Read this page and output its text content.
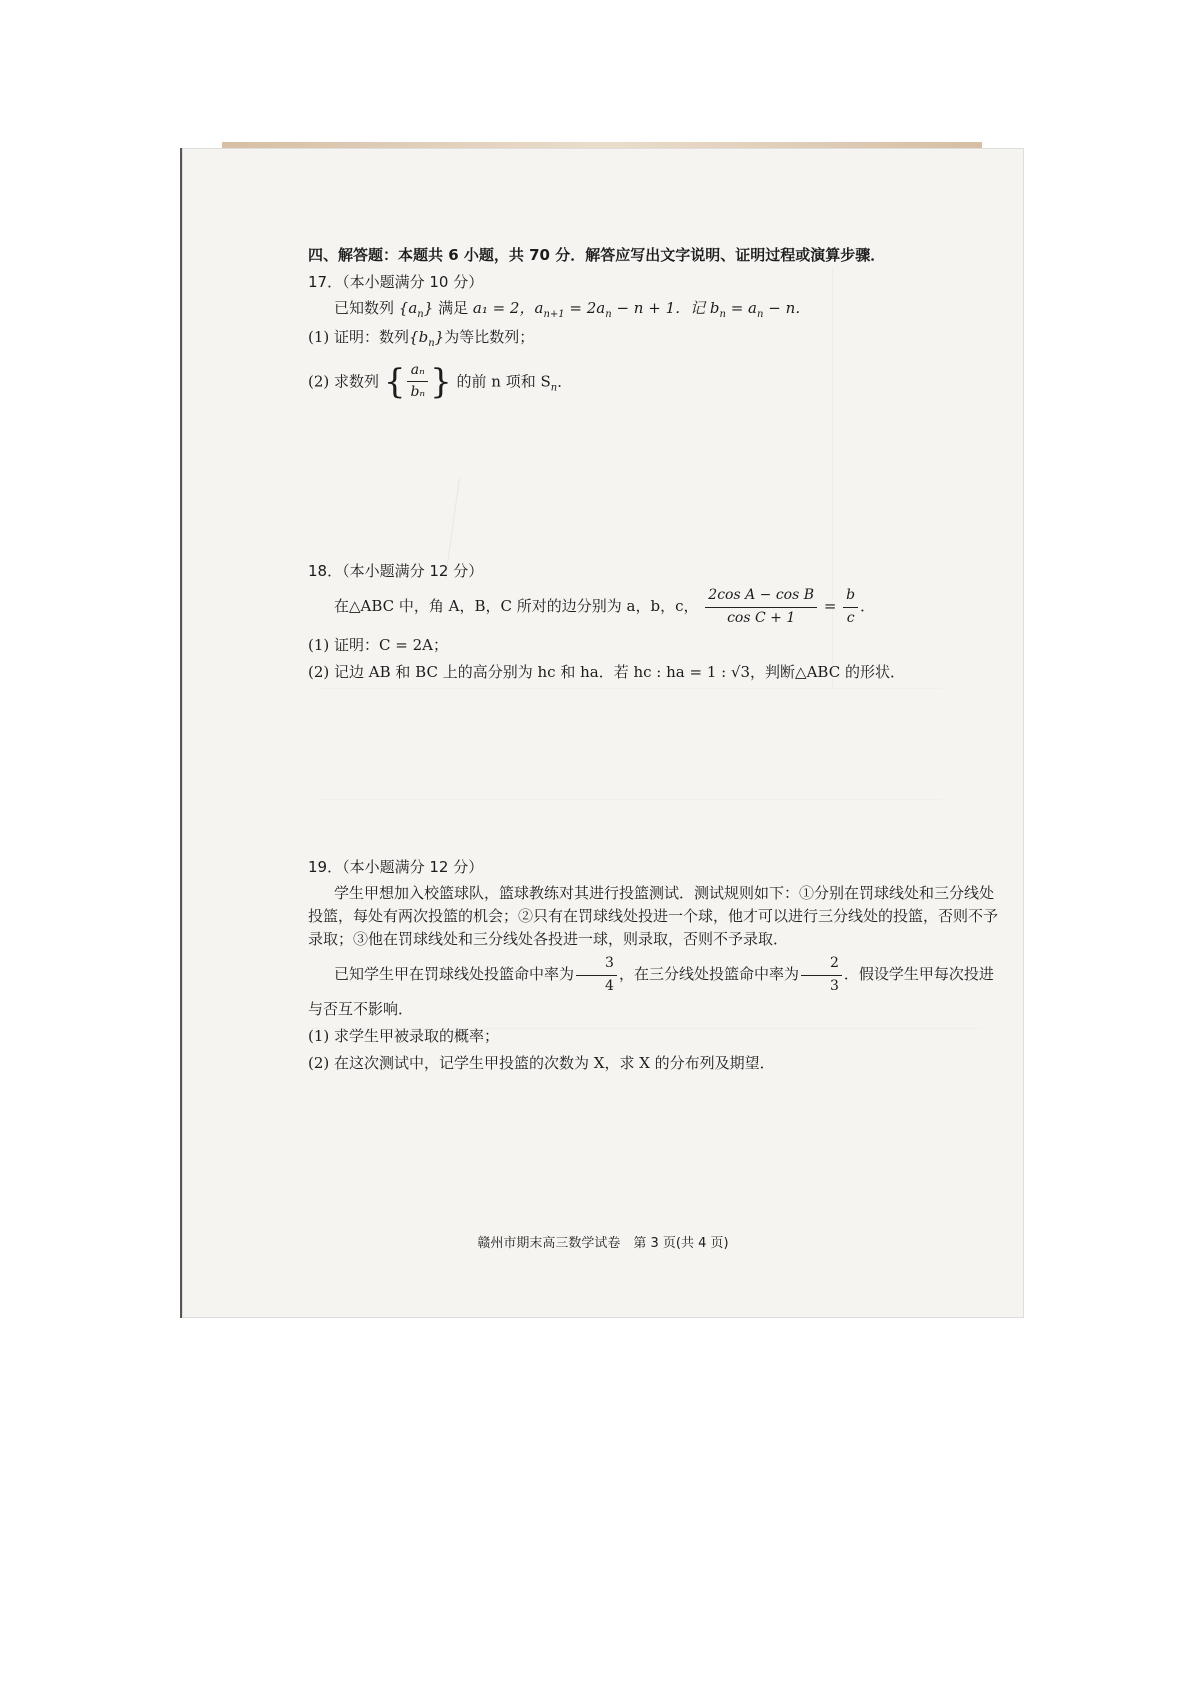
四、解答题：本题共 6 小题，共 70 分．解答应写出文字说明、证明过程或演算步骤．

17．（本小题满分 10 分）

已知数列 $\{a_n\}$ 满足 a₁ = 2，$a_{n+1} = 2a_n - n + 1$．记 $b_n = a_n - n$．

(1) 证明：数列$\{b_n\}$为等比数列；

(2) 求数列 { $\frac{\text{aₙ}}{\text{bₙ}}$ } 的前 n 项和 $S_n$．

18．（本小题满分 12 分）

在△ABC 中，角 A，B，C 所对的边分别为 a，b，c， $\frac{\text{2cos A − cos B}}{\text{cos C + 1}} = \frac{b}{c}$ ．

(1) 证明：C = 2A；

(2) 记边 AB 和 BC 上的高分别为 hc 和 ha．若 hc : ha = 1 : √3，判断△ABC 的形状．

19．（本小题满分 12 分）

学生甲想加入校篮球队，篮球教练对其进行投篮测试．测试规则如下：①分别在罚球线处和三分线处投篮，每处有两次投篮的机会；②只有在罚球线处投进一个球，他才可以进行三分线处的投篮，否则不予录取；③他在罚球线处和三分线处各投进一球，则录取，否则不予录取．

已知学生甲在罚球线处投篮命中率为 $\frac{3}{4}$ ，在三分线处投篮命中率为 $\frac{2}{3}$ ．假设学生甲每次投进与否互不影响．

(1) 求学生甲被录取的概率；

(2) 在这次测试中，记学生甲投篮的次数为 X，求 X 的分布列及期望．

赣州市期末高三数学试卷　第 3 页(共 4 页)
